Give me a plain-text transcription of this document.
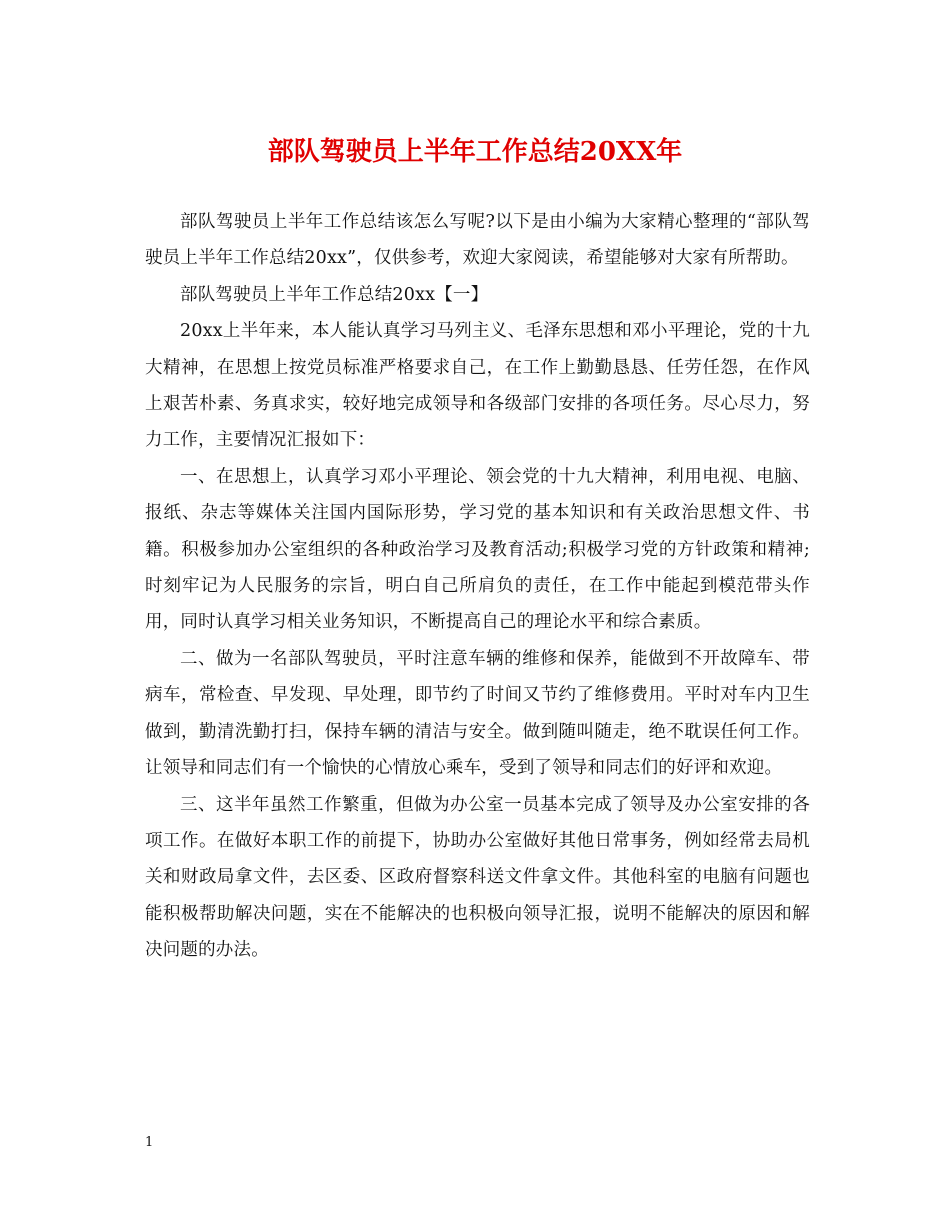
部队驾驶员上半年工作总结20XX年

部队驾驶员上半年工作总结该怎么写呢?以下是由小编为大家精心整理的“部队驾驶员上半年工作总结20xx”，仅供参考，欢迎大家阅读，希望能够对大家有所帮助。

部队驾驶员上半年工作总结20xx【一】

20xx上半年来，本人能认真学习马列主义、毛泽东思想和邓小平理论，党的十九大精神，在思想上按党员标准严格要求自己，在工作上勤勤恳恳、任劳任怨，在作风上艰苦朴素、务真求实，较好地完成领导和各级部门安排的各项任务。尽心尽力，努力工作，主要情况汇报如下：

一、在思想上，认真学习邓小平理论、领会党的十九大精神，利用电视、电脑、报纸、杂志等媒体关注国内国际形势，学习党的基本知识和有关政治思想文件、书籍。积极参加办公室组织的各种政治学习及教育活动;积极学习党的方针政策和精神;时刻牢记为人民服务的宗旨，明白自己所肩负的责任，在工作中能起到模范带头作用，同时认真学习相关业务知识，不断提高自己的理论水平和综合素质。

二、做为一名部队驾驶员，平时注意车辆的维修和保养，能做到不开故障车、带病车，常检查、早发现、早处理，即节约了时间又节约了维修费用。平时对车内卫生做到，勤清洗勤打扫，保持车辆的清洁与安全。做到随叫随走，绝不耽误任何工作。让领导和同志们有一个愉快的心情放心乘车，受到了领导和同志们的好评和欢迎。

三、这半年虽然工作繁重，但做为办公室一员基本完成了领导及办公室安排的各项工作。在做好本职工作的前提下，协助办公室做好其他日常事务，例如经常去局机关和财政局拿文件，去区委、区政府督察科送文件拿文件。其他科室的电脑有问题也能积极帮助解决问题，实在不能解决的也积极向领导汇报，说明不能解决的原因和解决问题的办法。

1
